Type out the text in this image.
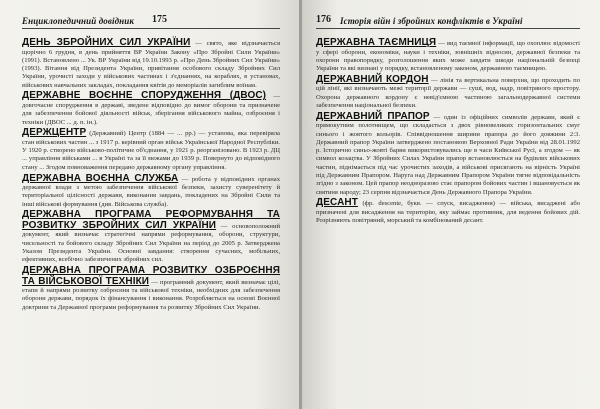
Енциклопедичний довідник 175

ДЕНЬ ЗБРОЙНИХ СИЛ УКРАЇНИ — свято, яке відзначається щорічно 6 грудня, в день прийняття ВР України Закону «Про Збройні Сили України» (1991). Встановлено ... Ук. ВР України від 19.10.1993 р. «Про День Збройних Сил України» (1993). Вітання від Президента України, привітання особового складу Збройних Сил України, урочисті заходи у військових частинах і з'єднаннях, на кораблях, в установах, військових навчальних закладах, покладання квітів до меморіалів загиблим воїнам.

ДЕРЖАВНЕ ВОЄННЕ СПОРУДЖЕННЯ (ДВОС) — довгочасне спорудження в державі, зведене відповідно до вимог оборони та призначене для забезпечення бойової діяльності військ, зберігання військового майна, озброєння і техніки (ДВОС ... д. п. ін.).

ДЕРЖЦЕНТР (Державний) Центр (1884 — ... рр.) — установа, яка перевіряла стан військових частин ... з 1917 р. керівний орган військ Української Народної Республіки. У 1920 р. створено військово-політичне об'єднання, у 1921 р. реорганізовано. В 1923 р. ДЦ ... управління військами ... в Україні та за її межами до 1939 р. Повернуто до відповідного стану ... Згодом повноваження передано державному органу управління.

ДЕРЖАВНА ВОЄННА СЛУЖБА — робота у відповідних органах державної влади з метою забезпечення військової безпеки, захисту суверенітету й територіальної цілісності держави, виконання завдань, покладених на Збройні Сили та інші військові формування (див. Військова служба).

ДЕРЖАВНА ПРОГРАМА РЕФОРМУВАННЯ ТА РОЗВИТКУ ЗБРОЙНИХ СИЛ УКРАЇНИ — основоположний документ, який визначає стратегічні напрями реформування, оборони, структури, чисельності та бойового складу Збройних Сил України на період до 2005 р. Затверджена Указом Президента України. Основні завдання: створення сучасних, мобільних, ефективних, всебічно забезпечених збройних сил.

ДЕРЖАВНА ПРОГРАМА РОЗВИТКУ ОЗБРОЄННЯ ТА ВІЙСЬКОВОЇ ТЕХНІКИ — програмний документ, який визначає цілі, етапи й напрями розвитку озброєння та військової техніки, необхідних для забезпечення оборони держави, порядок їх фінансування і виконання. Розробляється на основі Воєнної доктрини та Державної програми реформування та розвитку Збройних Сил України.

176 Історія війн і збройних конфліктів в Україні

ДЕРЖАВНА ТАЄМНИЦЯ — вид таємної інформації, що охоплює відомості у сфері оборони, економіки, науки і техніки, зовнішніх відносин, державної безпеки та охорони правопорядку, розголошення яких може завдати шкоди національній безпеці України та які визнані у порядку, встановленому законом, державною таємницею.

ДЕРЖАВНИЙ КОРДОН — лінія та вертикальна поверхня, що проходить по цій лінії, які визначають межі території держави — суші, вод, надр, повітряного простору. Охорона державного кордону є невід'ємною частиною загальнодержавної системи забезпечення національної безпеки.

ДЕРЖАВНИЙ ПРАПОР — один із офіційних символів держави, який є прямокутним полотнищем, що складається з двох рівновеликих горизонтальних смуг синього і жовтого кольорів. Співвідношення ширини прапора до його довжини 2:3. Державний прапор України затверджено постановою Верховної Ради України від 28.01.1992 р. Історично синьо-жовті барви використовувались ще в часи Київської Русі, а згодом — як символ козацтва. У Збройних Силах України прапор встановлюється на будівлях військових частин, піднімається під час урочистих заходів, а військові присягають на вірність Україні під Державним Прапором. Наруга над Державним Прапором України тягне відповідальність згідно з законом. Цей прапор неодноразово стає прапором бойових частин і вшановується як святиня народу; 23 серпня відзначається День Державного Прапора України.

ДЕСАНТ (фр. descente, букв. — спуск, висадження) — війська, висаджені або призначені для висадження на територію, яку займає противник, для ведення бойових дій. Розрізняють повітряний, морський та комбінований десант.
